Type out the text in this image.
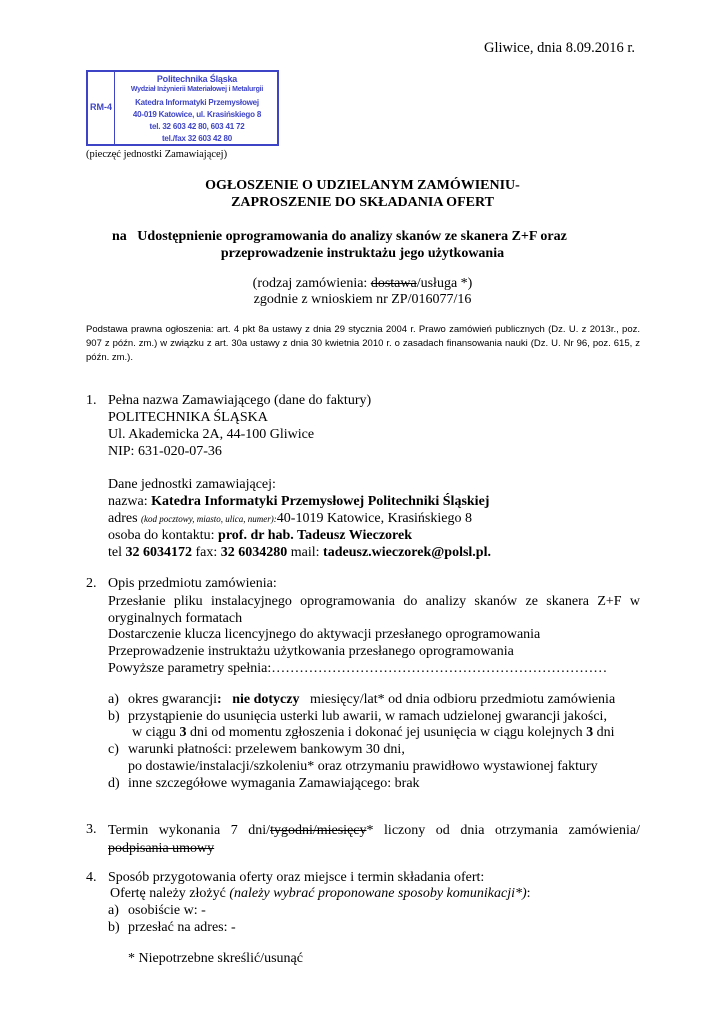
Gliwice, dnia 8.09.2016 r.
RM-4
Politechnika Śląska
Wydział Inżynierii Materiałowej i Metalurgii
Katedra Informatyki Przemysłowej
40-019 Katowice, ul. Krasińskiego 8
tel. 32 603 42 80, 603 41 72
tel./fax 32 603 42 80
(pieczęć jednostki Zamawiającej)
OGŁOSZENIE O UDZIELANYM ZAMÓWIENIU-
ZAPROSZENIE DO SKŁADANIA OFERT
na Udostępnienie oprogramowania do analizy skanów ze skanera Z+F oraz
przeprowadzenie instruktażu jego użytkowania
(rodzaj zamówienia: dostawa/usługa *)
zgodnie z wnioskiem nr ZP/016077/16
Podstawa prawna ogłoszenia: art. 4 pkt 8a ustawy z dnia 29 stycznia 2004 r. Prawo zamówień publicznych (Dz. U. z 2013r., poz. 907 z późn. zm.) w związku z art. 30a ustawy z dnia 30 kwietnia 2010 r. o zasadach finansowania nauki (Dz. U. Nr 96, poz. 615, z późn. zm.).
1. Pełna nazwa Zamawiającego (dane do faktury)
POLITECHNIKA ŚLĄSKA
Ul. Akademicka 2A, 44-100 Gliwice
NIP: 631-020-07-36
Dane jednostki zamawiającej:
nazwa: Katedra Informatyki Przemysłowej Politechniki Śląskiej
adres (kod pocztowy, miasto, ulica, numer):40-1019 Katowice, Krasińskiego 8
osoba do kontaktu: prof. dr hab. Tadeusz Wieczorek
tel 32 6034172 fax: 32 6034280 mail: tadeusz.wieczorek@polsl.pl.
2. Opis przedmiotu zamówienia:
Przesłanie pliku instalacyjnego oprogramowania do analizy skanów ze skanera Z+F w oryginalnych formatach
Dostarczenie klucza licencyjnego do aktywacji przesłanego oprogramowania
Przeprowadzenie instruktażu użytkowania przesłanego oprogramowania
Powyższe parametry spełnia:………………………………………………………………
a) okres gwarancji: nie dotyczy miesięcy/lat* od dnia odbioru przedmiotu zamówienia
b) przystąpienie do usunięcia usterki lub awarii, w ramach udzielonej gwarancji jakości,
w ciągu 3 dni od momentu zgłoszenia i dokonać jej usunięcia w ciągu kolejnych 3 dni
c) warunki płatności: przelewem bankowym 30 dni,
po dostawie/instalacji/szkoleniu* oraz otrzymaniu prawidłowo wystawionej faktury
d) inne szczegółowe wymagania Zamawiającego: brak
3. Termin wykonania 7 dni/tygodni/miesięcy* liczony od dnia otrzymania zamówienia/ podpisania umowy
4. Sposób przygotowania oferty oraz miejsce i termin składania ofert:
Ofertę należy złożyć (należy wybrać proponowane sposoby komunikacji*):
a) osobiście w: -
b) przesłać na adres: -
* Niepotrzebne skreślić/usunąć
